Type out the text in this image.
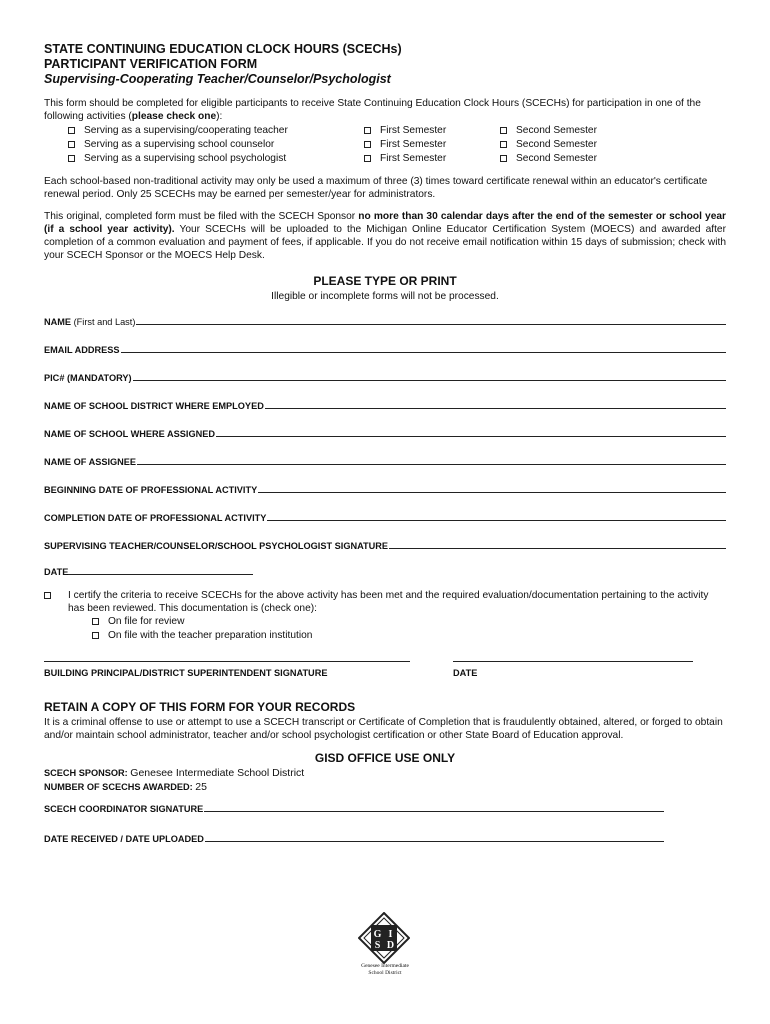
STATE CONTINUING EDUCATION CLOCK HOURS (SCECHs)

PARTICIPANT VERIFICATION FORM

Supervising-Cooperating Teacher/Counselor/Psychologist

This form should be completed for eligible participants to receive State Continuing Education Clock Hours (SCECHs) for participation in one of the following activities (please check one):

Serving as a supervising/cooperating teacher	First Semester	Second Semester
Serving as a supervising school counselor	First Semester	Second Semester
Serving as a supervising school psychologist	First Semester	Second Semester

Each school-based non-traditional activity may only be used a maximum of three (3) times toward certificate renewal within an educator's certificate renewal period. Only 25 SCECHs may be earned per semester/year for administrators.

This original, completed form must be filed with the SCECH Sponsor no more than 30 calendar days after the end of the semester or school year (if a school year activity). Your SCECHs will be uploaded to the Michigan Online Educator Certification System (MOECS) and awarded after completion of a common evaluation and payment of fees, if applicable. If you do not receive email notification within 15 days of submission; check with your SCECH Sponsor or the MOECS Help Desk.

PLEASE TYPE OR PRINT
Illegible or incomplete forms will not be processed.
NAME (First and Last)
EMAIL ADDRESS
PIC# (MANDATORY)
NAME OF SCHOOL DISTRICT WHERE EMPLOYED
NAME OF SCHOOL WHERE ASSIGNED
NAME OF ASSIGNEE
BEGINNING DATE OF PROFESSIONAL ACTIVITY
COMPLETION DATE OF PROFESSIONAL ACTIVITY
SUPERVISING TEACHER/COUNSELOR/SCHOOL PSYCHOLOGIST SIGNATURE
DATE
I certify the criteria to receive SCECHs for the above activity has been met and the required evaluation/documentation pertaining to the activity has been reviewed. This documentation is (check one):
On file for review
On file with the teacher preparation institution
BUILDING PRINCIPAL/DISTRICT SUPERINTENDENT SIGNATURE	DATE
RETAIN A COPY OF THIS FORM FOR YOUR RECORDS

It is a criminal offense to use or attempt to use a SCECH transcript or Certificate of Completion that is fraudulently obtained, altered, or forged to obtain and/or maintain school administrator, teacher and/or school psychologist certification or other State Board of Education approval.

GISD OFFICE USE ONLY
SCECH SPONSOR: Genesee Intermediate School District
NUMBER OF SCECHS AWARDED: 25
SCECH COORDINATOR SIGNATURE
DATE RECEIVED / DATE UPLOADED
G I
S D
Genesee Intermediate
School District
